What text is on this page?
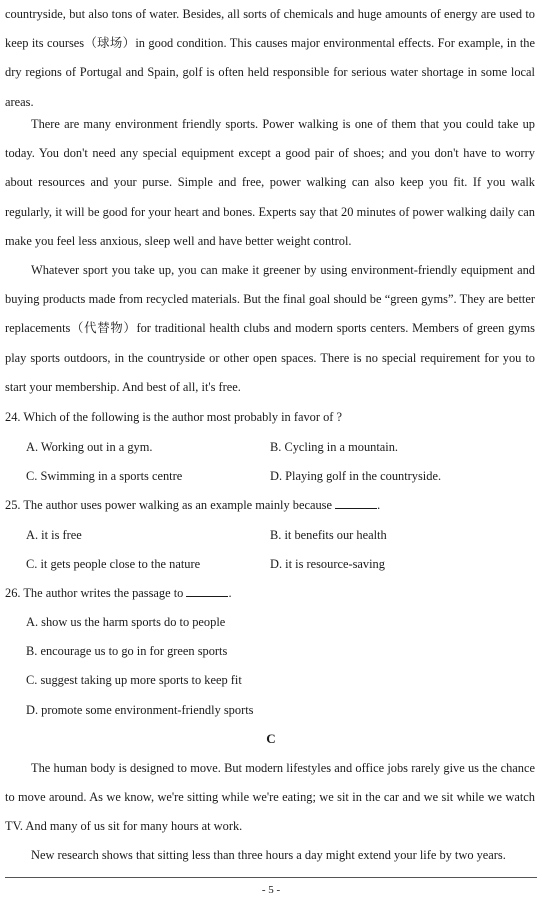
countryside, but also tons of water. Besides, all sorts of chemicals and huge amounts of energy are used to keep its courses（球场）in good condition. This causes major environmental effects. For example, in the dry regions of Portugal and Spain, golf is often held responsible for serious water shortage in some local areas.

There are many environment friendly sports. Power walking is one of them that you could take up today. You don't need any special equipment except a good pair of shoes; and you don't have to worry about resources and your purse. Simple and free, power walking can also keep you fit. If you walk regularly, it will be good for your heart and bones. Experts say that 20 minutes of power walking daily can make you feel less anxious, sleep well and have better weight control.

Whatever sport you take up, you can make it greener by using environment-friendly equipment and buying products made from recycled materials. But the final goal should be “green gyms”. They are better replacements（代替物）for traditional health clubs and modern sports centers. Members of green gyms play sports outdoors, in the countryside or other open spaces. There is no special requirement for you to start your membership. And best of all, it's free.

24. Which of the following is the author most probably in favor of ?

A. Working out in a gym.	B. Cycling in a mountain.

C. Swimming in a sports centre	D. Playing golf in the countryside.

25. The author uses power walking as an example mainly because	.

A. it is free	B. it benefits our health

C. it gets people close to the nature	D. it is resource-saving

26. The author writes the passage to	.

A. show us the harm sports do to people

B. encourage us to go in for green sports

C. suggest taking up more sports to keep fit

D. promote some environment-friendly sports

C

The human body is designed to move. But modern lifestyles and office jobs rarely give us the chance to move around. As we know, we're sitting while we're eating; we sit in the car and we sit while we watch TV. And many of us sit for many hours at work.

New research shows that sitting less than three hours a day might extend your life by two years.

- 5 -
